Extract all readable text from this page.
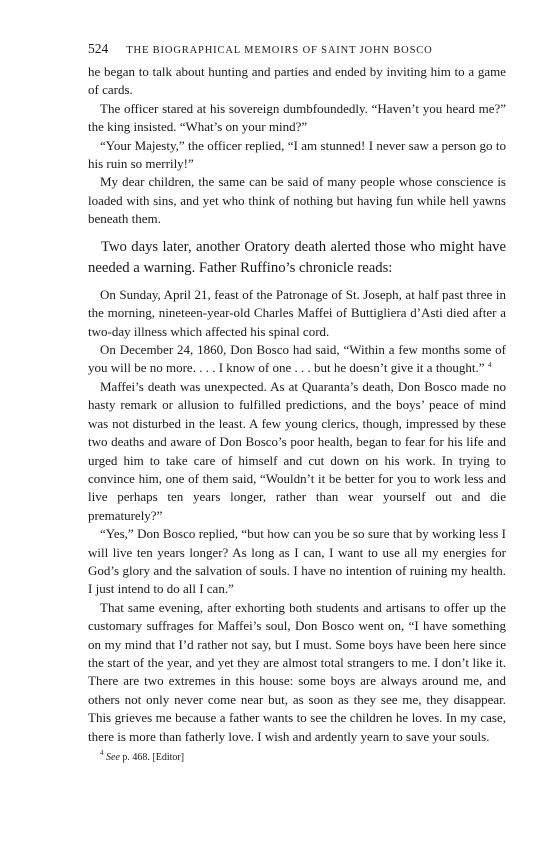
524 THE BIOGRAPHICAL MEMOIRS OF SAINT JOHN BOSCO

he began to talk about hunting and parties and ended by inviting him to a game of cards.

The officer stared at his sovereign dumbfoundedly. “Haven’t you heard me?” the king insisted. “What’s on your mind?”

“Your Majesty,” the officer replied, “I am stunned! I never saw a person go to his ruin so merrily!”

My dear children, the same can be said of many people whose conscience is loaded with sins, and yet who think of nothing but having fun while hell yawns beneath them.

Two days later, another Oratory death alerted those who might have needed a warning. Father Ruffino’s chronicle reads:

On Sunday, April 21, feast of the Patronage of St. Joseph, at half past three in the morning, nineteen-year-old Charles Maffei of Buttigliera d’Asti died after a two-day illness which affected his spinal cord.

On December 24, 1860, Don Bosco had said, “Within a few months some of you will be no more. . . . I know of one . . . but he doesn’t give it a thought.” $^4$

Maffei’s death was unexpected. As at Quaranta’s death, Don Bosco made no hasty remark or allusion to fulfilled predictions, and the boys’ peace of mind was not disturbed in the least. A few young clerics, though, impressed by these two deaths and aware of Don Bosco’s poor health, began to fear for his life and urged him to take care of himself and cut down on his work. In trying to convince him, one of them said, “Wouldn’t it be better for you to work less and live perhaps ten years longer, rather than wear yourself out and die prematurely?”

“Yes,” Don Bosco replied, “but how can you be so sure that by working less I will live ten years longer? As long as I can, I want to use all my energies for God’s glory and the salvation of souls. I have no intention of ruining my health. I just intend to do all I can.”

That same evening, after exhorting both students and artisans to offer up the customary suffrages for Maffei’s soul, Don Bosco went on, “I have something on my mind that I’d rather not say, but I must. Some boys have been here since the start of the year, and yet they are almost total strangers to me. I don’t like it. There are two extremes in this house: some boys are always around me, and others not only never come near but, as soon as they see me, they disappear. This grieves me because a father wants to see the children he loves. In my case, there is more than fatherly love. I wish and ardently yearn to save your souls.

$^4$ See p. 468. [Editor]
